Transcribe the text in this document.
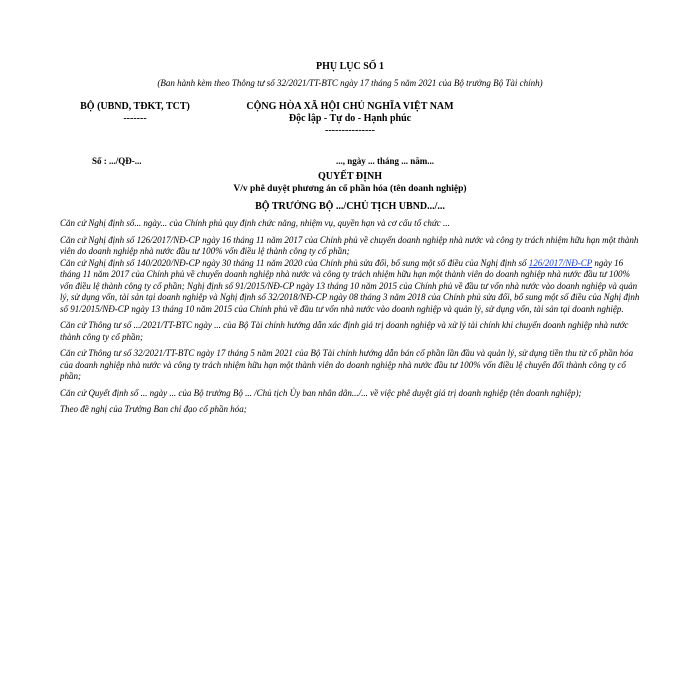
PHỤ LỤC SỐ 1

(Ban hành kèm theo Thông tư số 32/2021/TT-BTC ngày 17 tháng 5 năm 2021 của Bộ trưởng Bộ Tài chính)

BỘ (UBND, TĐKT, TCT)
-------
CỘNG HÒA XÃ HỘI CHỦ NGHĨA VIỆT NAM
Độc lập - Tự do - Hạnh phúc
---------------
Số : .../QĐ-...	..., ngày ... tháng ... năm...
QUYẾT ĐỊNH
V/v phê duyệt phương án cổ phần hóa (tên doanh nghiệp)
BỘ TRƯỞNG BỘ .../CHỦ TỊCH UBND.../...

Căn cứ Nghị định số... ngày... của Chính phủ quy định chức năng, nhiệm vụ, quyền hạn và cơ cấu tổ chức ...

Căn cứ Nghị định số 126/2017/NĐ-CP ngày 16 tháng 11 năm 2017 của Chính phủ về chuyển doanh nghiệp nhà nước và công ty trách nhiệm hữu hạn một thành viên do doanh nghiệp nhà nước đầu tư 100% vốn điều lệ thành công ty cổ phần;

Căn cứ Nghị định số 140/2020/NĐ-CP ngày 30 tháng 11 năm 2020 của Chính phủ sửa đổi, bổ sung một số điều của Nghị định số 126/2017/NĐ-CP ngày 16 tháng 11 năm 2017 của Chính phủ về chuyển doanh nghiệp nhà nước và công ty trách nhiệm hữu hạn một thành viên do doanh nghiệp nhà nước đầu tư 100% vốn điều lệ thành công ty cổ phần; Nghị định số 91/2015/NĐ-CP ngày 13 tháng 10 năm 2015 của Chính phủ về đầu tư vốn nhà nước vào doanh nghiệp và quản lý, sử dụng vốn, tài sản tại doanh nghiệp và Nghị định số 32/2018/NĐ-CP ngày 08 tháng 3 năm 2018 của Chính phủ sửa đổi, bổ sung một số điều của Nghị định số 91/2015/NĐ-CP ngày 13 tháng 10 năm 2015 của Chính phủ về đầu tư vốn nhà nước vào doanh nghiệp và quản lý, sử dụng vốn, tài sản tại doanh nghiệp.

Căn cứ Thông tư số .../2021/TT-BTC ngày ... của Bộ Tài chính hướng dẫn xác định giá trị doanh nghiệp và xử lý tài chính khi chuyển doanh nghiệp nhà nước thành công ty cổ phần;

Căn cứ Thông tư số 32/2021/TT-BTC ngày 17 tháng 5 năm 2021 của Bộ Tài chính hướng dẫn bán cổ phần lần đầu và quản lý, sử dụng tiền thu từ cổ phần hóa của doanh nghiệp nhà nước và công ty trách nhiệm hữu hạn một thành viên do doanh nghiệp nhà nước đầu tư 100% vốn điều lệ chuyển đổi thành công ty cổ phần;

Căn cứ Quyết định số ... ngày ... của Bộ trưởng Bộ ... /Chủ tịch Ủy ban nhân dân.../... về việc phê duyệt giá trị doanh nghiệp (tên doanh nghiệp);

Theo đề nghị của Trưởng Ban chỉ đạo cổ phần hóa;
